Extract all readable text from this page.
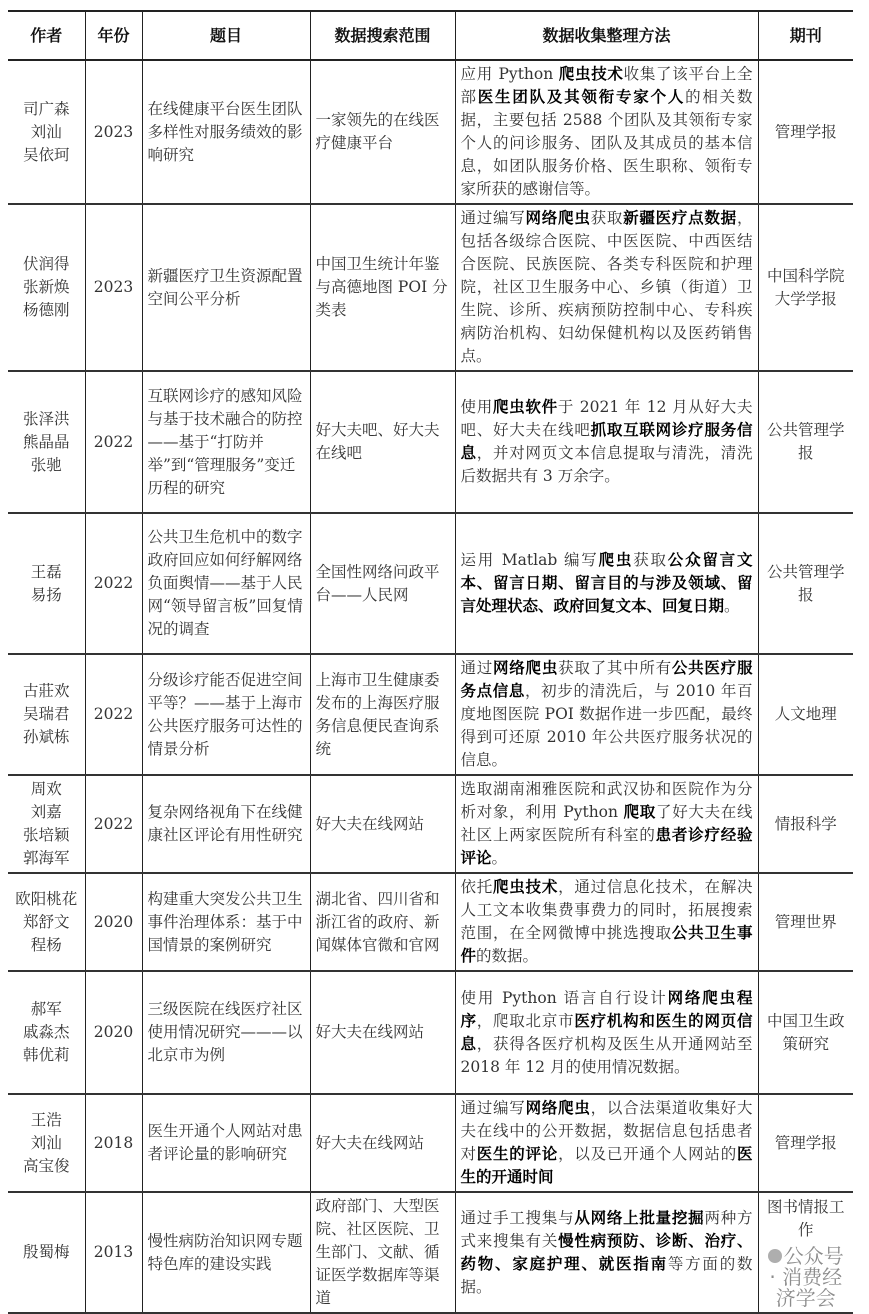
作者	年份	题目	数据搜索范围	数据收集整理方法	期刊
司广森
刘汕
吴依珂	2023	在线健康平台医生团队多样性对服务绩效的影响研究	一家领先的在线医疗健康平台	应用 Python 爬虫技术收集了该平台上全部医生团队及其领衔专家个人的相关数据，主要包括 2588 个团队及其领衔专家个人的问诊服务、团队及其成员的基本信息，如团队服务价格、医生职称、领衔专家所获的感谢信等。	管理学报
伏润得
张新焕
杨德刚	2023	新疆医疗卫生资源配置空间公平分析	中国卫生统计年鉴与高德地图 POI 分类表	通过编写网络爬虫获取新疆医疗点数据，包括各级综合医院、中医医院、中西医结合医院、民族医院、各类专科医院和护理院，社区卫生服务中心、乡镇（街道）卫生院、诊所、疾病预防控制中心、专科疾病防治机构、妇幼保健机构以及医药销售点。	中国科学院大学学报
张泽洪
熊晶晶
张驰	2022	互联网诊疗的感知风险与基于技术融合的防控——基于“打防并举”到“管理服务”变迁历程的研究	好大夫吧、好大夫在线吧	使用爬虫软件于 2021 年 12 月从好大夫吧、好大夫在线吧抓取互联网诊疗服务信息，并对网页文本信息提取与清洗，清洗后数据共有 3 万余字。	公共管理学报
王磊
易扬	2022	公共卫生危机中的数字政府回应如何纾解网络负面舆情——基于人民网“领导留言板”回复情况的调查	全国性网络问政平台——人民网	运用 Matlab 编写爬虫获取公众留言文本、留言日期、留言目的与涉及领域、留言处理状态、政府回复文本、回复日期。	公共管理学报
古莊欢
吴瑞君
孙斌栋	2022	分级诊疗能否促进空间平等？——基于上海市公共医疗服务可达性的情景分析	上海市卫生健康委发布的上海医疗服务信息便民查询系统	通过网络爬虫获取了其中所有公共医疗服务点信息，初步的清洗后，与 2010 年百度地图医院 POI 数据作进一步匹配，最终得到可还原 2010 年公共医疗服务状况的信息。	人文地理
周欢
刘嘉
张培颖
郭海军	2022	复杂网络视角下在线健康社区评论有用性研究	好大夫在线网站	选取湖南湘雅医院和武汉协和医院作为分析对象，利用 Python 爬取了好大夫在线社区上两家医院所有科室的患者诊疗经验评论。	情报科学
欧阳桃花
郑舒文
程杨	2020	构建重大突发公共卫生事件治理体系：基于中国情景的案例研究	湖北省、四川省和浙江省的政府、新闻媒体官微和官网	依托爬虫技术，通过信息化技术，在解决人工文本收集费事费力的同时，拓展搜索范围，在全网微博中挑选搜取公共卫生事件的数据。	管理世界
郝军
戚淼杰
韩优莉	2020	三级医院在线医疗社区使用情况研究———以北京市为例	好大夫在线网站	使用 Python 语言自行设计网络爬虫程序，爬取北京市医疗机构和医生的网页信息，获得各医疗机构及医生从开通网站至 2018 年 12 月的使用情况数据。	中国卫生政策研究
王浩
刘汕
高宝俊	2018	医生开通个人网站对患者评论量的影响研究	好大夫在线网站	通过编写网络爬虫，以合法渠道收集好大夫在线中的公开数据，数据信息包括患者对医生的评论，以及已开通个人网站的医生的开通时间	管理学报
殷蜀梅	2013	慢性病防治知识网专题特色库的建设实践	政府部门、大型医院、社区医院、卫生部门、文献、循证医学数据库等渠道	通过手工搜集与从网络上批量挖掘两种方式来搜集有关慢性病预防、诊断、治疗、药物、家庭护理、就医指南等方面的数据。	图书情报工作
公众号 · 消费经济学会
